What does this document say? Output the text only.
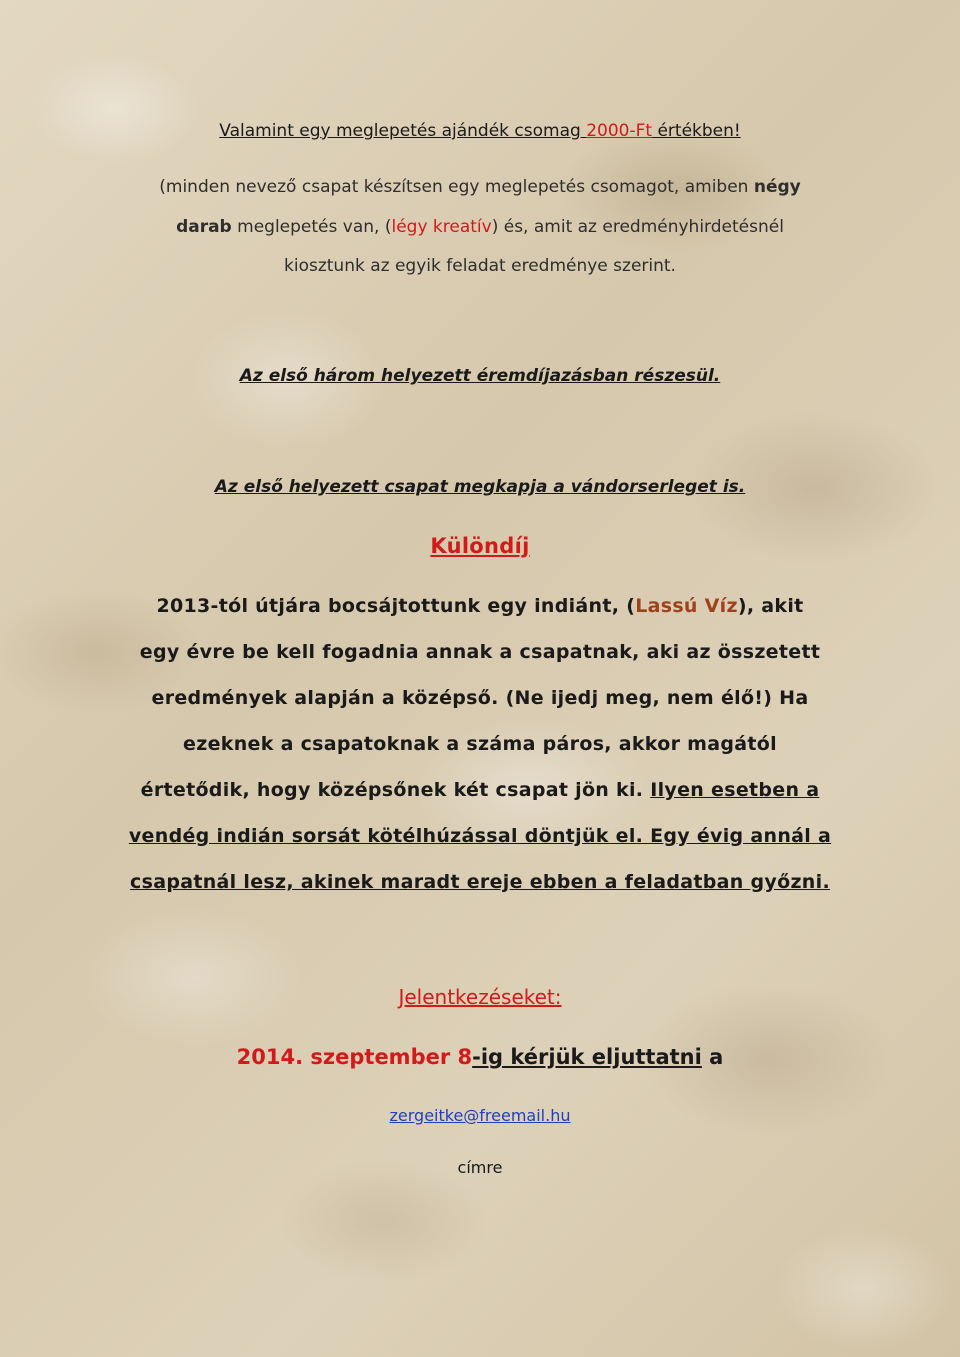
Valamint egy meglepetés ajándék csomag 2000-Ft értékben!
(minden nevező csapat készítsen egy meglepetés csomagot, amiben négy
darab meglepetés van, (légy kreatív) és, amit az eredményhirdetésnél
kiosztunk az egyik feladat eredménye szerint.
Az első három helyezett éremdíjazásban részesül.
Az első helyezett csapat megkapja a vándorserleget is.
Különdíj
2013-tól útjára bocsájtottunk egy indiánt, (Lassú Víz), akit
egy évre be kell fogadnia annak a csapatnak, aki az összetett
eredmények alapján a középső. (Ne ijedj meg, nem élő!) Ha
ezeknek a csapatoknak a száma páros, akkor magától
értetődik, hogy középsőnek két csapat jön ki. Ilyen esetben a
vendég indián sorsát kötélhúzással döntjük el. Egy évig annál a
csapatnál lesz, akinek maradt ereje ebben a feladatban győzni.
Jelentkezéseket:
2014. szeptember 8-ig kérjük eljuttatni a
zergeitke@freemail.hu
címre
